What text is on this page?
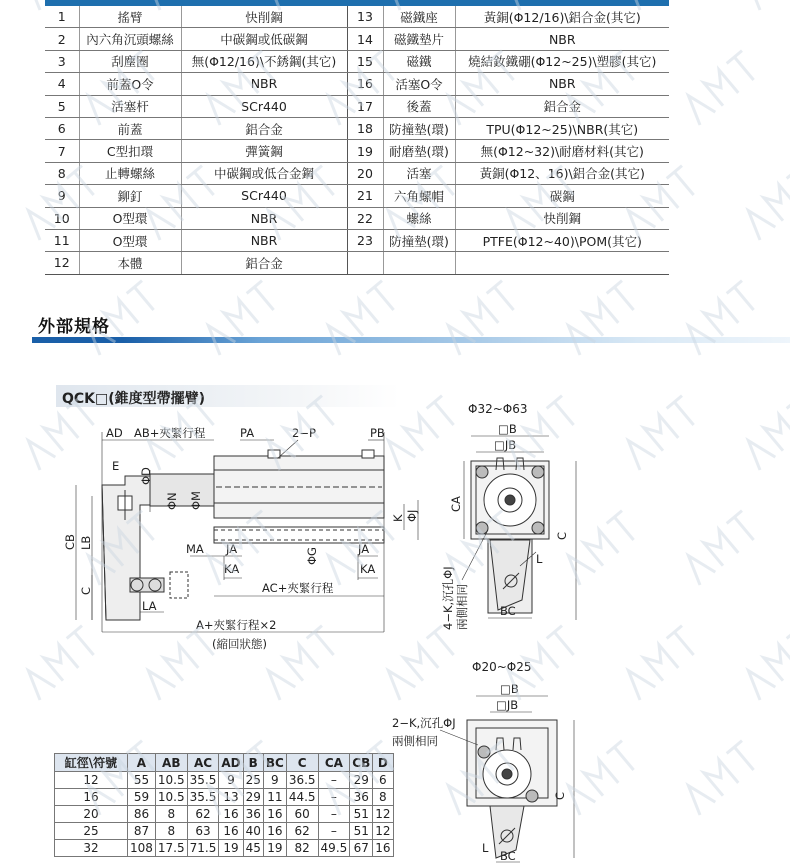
1	搖臂	快削鋼	13	磁鐵座	黃銅(Φ12/16)\鋁合金(其它)
2	內六角沉頭螺絲	中碳鋼或低碳鋼	14	磁鐵墊片	NBR
3	刮塵圈	無(Φ12/16)\不銹鋼(其它)	15	磁鐵	燒結釹鐵硼(Φ12~25)\塑膠(其它)
4	前蓋O令	NBR	16	活塞O令	NBR
5	活塞杆	SCr440	17	後蓋	鋁合金
6	前蓋	鋁合金	18	防撞墊(環)	TPU(Φ12~25)\NBR(其它)
7	C型扣環	彈簧鋼	19	耐磨墊(環)	無(Φ12~32)\耐磨材料(其它)
8	止轉螺絲	中碳鋼或低合金鋼	20	活塞	黃銅(Φ12、16)\鋁合金(其它)
9	鉚釘	SCr440	21	六角螺帽	碳鋼
10	O型環	NBR	22	螺絲	快削鋼
11	O型環	NBR	23	防撞墊(環)	PTFE(Φ12~40)\POM(其它)
12	本體	鋁合金			
外部規格
QCK□(錐度型帶擺臂)
Φ32~Φ63
Φ20~Φ25
AD AB+夾緊行程	PA	2−P	PB
E
ΦD
ΦN ΦM
K ΦJ
CB LB
C
MA JA
KA
ΦG	JA
KA
AC+夾緊行程
LA
A+夾緊行程×2
(縮回狀態)
□B
□JB
CA
C
L
BC
4−K,沉孔ΦJ 兩側相同
□B
□JB
2−K,沉孔ΦJ
兩側相同
C
L
BC
缸徑\符號	A	AB	AC	AD	B	BC	C	CA	CB	D
12	55	10.5	35.5	9	25	9	36.5	–	29	6
16	59	10.5	35.5	13	29	11	44.5	–	36	8
20	86	8	62	16	36	16	60	–	51	12
25	87	8	63	16	40	16	62	–	51	12
32	108	17.5	71.5	19	45	19	82	49.5	67	16
